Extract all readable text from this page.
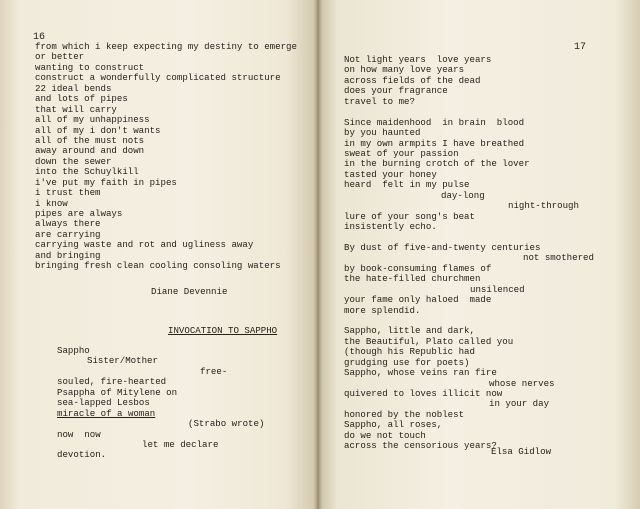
16
from which i keep expecting my destiny to emerge
or better
wanting to construct
construct a wonderfully complicated structure
22 ideal bends
and lots of pipes
that will carry
all of my unhappiness
all of my i don't wants
all of the must nots
away around and down
down the sewer
into the Schuylkill
i've put my faith in pipes
i trust them
i know
pipes are always
always there
are carrying
carrying waste and rot and ugliness away
and bringing
bringing fresh clean cooling consoling waters
Diane Devennie
INVOCATION TO SAPPHO
Sappho
Sister/Mother
free-
souled, fire-hearted
Psappha of Mitylene on
sea-lapped Lesbos
miracle of a woman
(Strabo wrote)
now  now
let me declare
devotion.
17
Not light years  love years
on how many love years
across fields of the dead
does your fragrance
travel to me?
Since maidenhood  in brain  blood
by you haunted
in my own armpits I have breathed
sweat of your passion
in the burning crotch of the lover
tasted your honey
heard  felt in my pulse
day-long
night-through
lure of your song's beat
insistently echo.
By dust of five-and-twenty centuries
not smothered
by book-consuming flames of
the hate-filled churchmen
unsilenced
your fame only haloed  made
more splendid.
Sappho, little and dark,
the Beautiful, Plato called you
(though his Republic had
grudging use for poets)
Sappho, whose veins ran fire
whose nerves
quivered to loves illicit now
in your day
honored by the noblest
Sappho, all roses,
do we not touch
across the censorious years?
Elsa Gidlow
